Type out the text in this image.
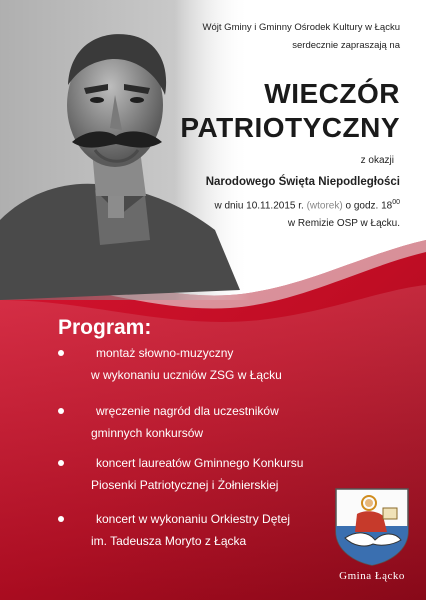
Wójt Gminy i Gminny Ośrodek Kultury w Łącku
serdecznie zapraszają na
WIECZÓR
PATRIOTYCZNY
z okazji
Narodowego Święta Niepodległości
w dniu 10.11.2015 r. (wtorek) o godz. $18^{00}$
w Remizie OSP w Łącku.
Program:
montaż słowno-muzyczny
w wykonaniu uczniów ZSG w Łącku
wręczenie nagród dla uczestników
gminnych konkursów
koncert laureatów Gminnego Konkursu
Piosenki Patriotycznej i Żołnierskiej
koncert w wykonaniu Orkiestry Dętej
im. Tadeusza Moryto z Łącka
Gmina Łącko
